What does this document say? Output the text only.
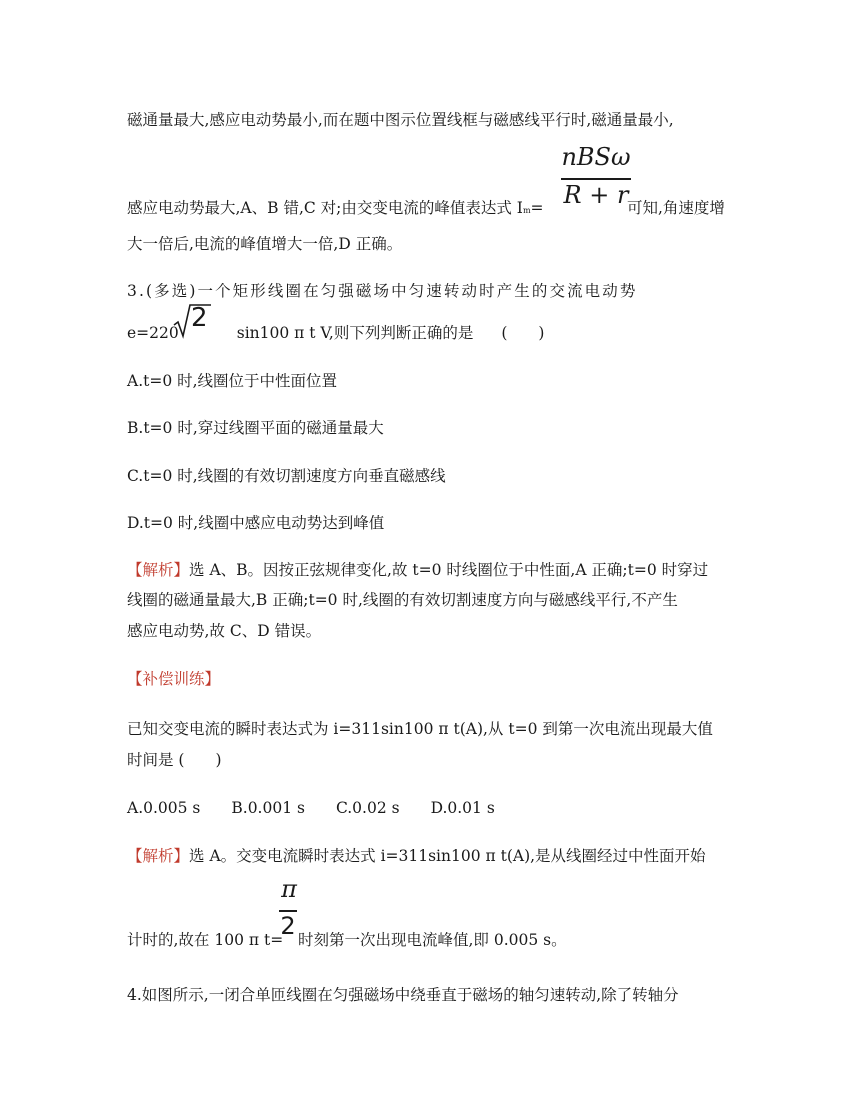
磁通量最大,感应电动势最小,而在题中图示位置线框与磁感线平行时,磁通量最小,
nBSω
R + r
感应电动势最大,A、B 错,C 对;由交变电流的峰值表达式 Im=	可知,角速度增
大一倍后,电流的峰值增大一倍,D 正确。
3.(多选)一个矩形线圈在匀强磁场中匀速转动时产生的交流电动势
e=220	sin100 π t V,则下列判断正确的是 (　　)
2
A.t=0 时,线圈位于中性面位置
B.t=0 时,穿过线圈平面的磁通量最大
C.t=0 时,线圈的有效切割速度方向垂直磁感线
D.t=0 时,线圈中感应电动势达到峰值
【解析】选 A、B。因按正弦规律变化,故 t=0 时线圈位于中性面,A 正确;t=0 时穿过
线圈的磁通量最大,B 正确;t=0 时,线圈的有效切割速度方向与磁感线平行,不产生
感应电动势,故 C、D 错误。
【补偿训练】
已知交变电流的瞬时表达式为 i=311sin100 π t(A),从 t=0 到第一次电流出现最大值
时间是 (　　)
A.0.005 s　　B.0.001 s　　C.0.02 s　　D.0.01 s
【解析】选 A。交变电流瞬时表达式 i=311sin100 π t(A),是从线圈经过中性面开始
π
2
计时的,故在 100 π t= 时刻第一次出现电流峰值,即 0.005 s。
4.如图所示,一闭合单匝线圈在匀强磁场中绕垂直于磁场的轴匀速转动,除了转轴分
